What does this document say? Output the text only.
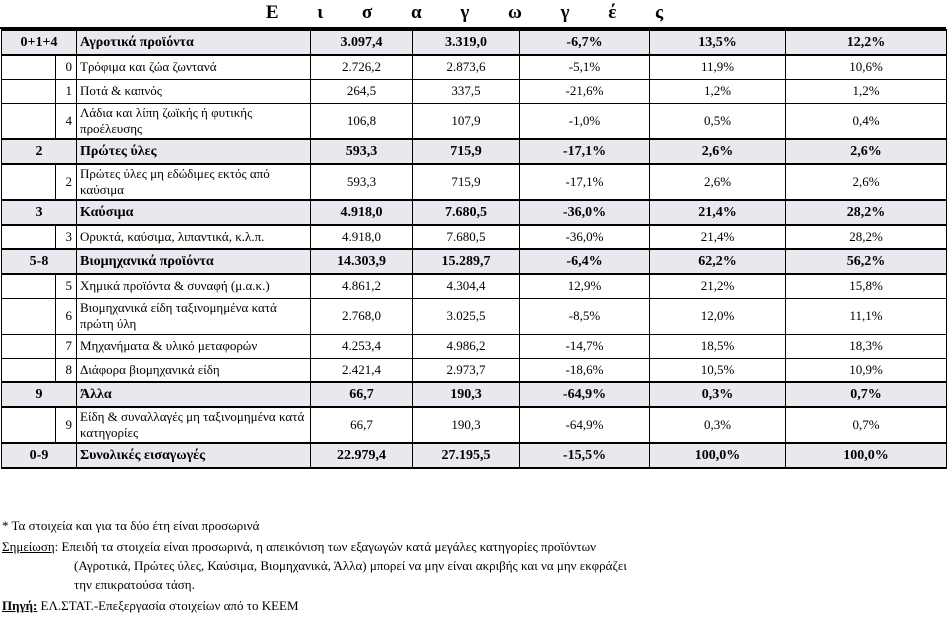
Ε ι σ α γ ω γ έ ς
0+1+4		Αγροτικά προϊόντα	3.097,4	3.319,0	-6,7%	13,5%	12,2%
	0	Τρόφιμα και ζώα ζωντανά	2.726,2	2.873,6	-5,1%	11,9%	10,6%
	1	Ποτά & καπνός	264,5	337,5	-21,6%	1,2%	1,2%
	4	Λάδια και λίπη ζωϊκής ή φυτικής προέλευσης	106,8	107,9	-1,0%	0,5%	0,4%
2		Πρώτες ύλες	593,3	715,9	-17,1%	2,6%	2,6%
	2	Πρώτες ύλες μη εδώδιμες εκτός από καύσιμα	593,3	715,9	-17,1%	2,6%	2,6%
3		Καύσιμα	4.918,0	7.680,5	-36,0%	21,4%	28,2%
	3	Ορυκτά, καύσιμα, λιπαντικά, κ.λ.π.	4.918,0	7.680,5	-36,0%	21,4%	28,2%
5-8		Βιομηχανικά προϊόντα	14.303,9	15.289,7	-6,4%	62,2%	56,2%
	5	Χημικά προϊόντα & συναφή (μ.α.κ.)	4.861,2	4.304,4	12,9%	21,2%	15,8%
	6	Βιομηχανικά είδη ταξινομημένα κατά πρώτη ύλη	2.768,0	3.025,5	-8,5%	12,0%	11,1%
	7	Μηχανήματα & υλικό μεταφορών	4.253,4	4.986,2	-14,7%	18,5%	18,3%
	8	Διάφορα βιομηχανικά είδη	2.421,4	2.973,7	-18,6%	10,5%	10,9%
9		Άλλα	66,7	190,3	-64,9%	0,3%	0,7%
	9	Είδη & συναλλαγές μη ταξινομημένα κατά κατηγορίες	66,7	190,3	-64,9%	0,3%	0,7%
0-9		Συνολικές εισαγωγές	22.979,4	27.195,5	-15,5%	100,0%	100,0%
* Τα στοιχεία και για τα δύο έτη είναι προσωρινά
Σημείωση: Επειδή τα στοιχεία είναι προσωρινά, η απεικόνιση των εξαγωγών κατά μεγάλες κατηγορίες προϊόντων
(Αγροτικά, Πρώτες ύλες, Καύσιμα, Βιομηχανικά, Άλλα) μπορεί να μην είναι ακριβής και να μην εκφράζει
την επικρατούσα τάση.
Πηγή: ΕΛ.ΣΤΑΤ.-Επεξεργασία στοιχείων από το ΚΕΕΜ
